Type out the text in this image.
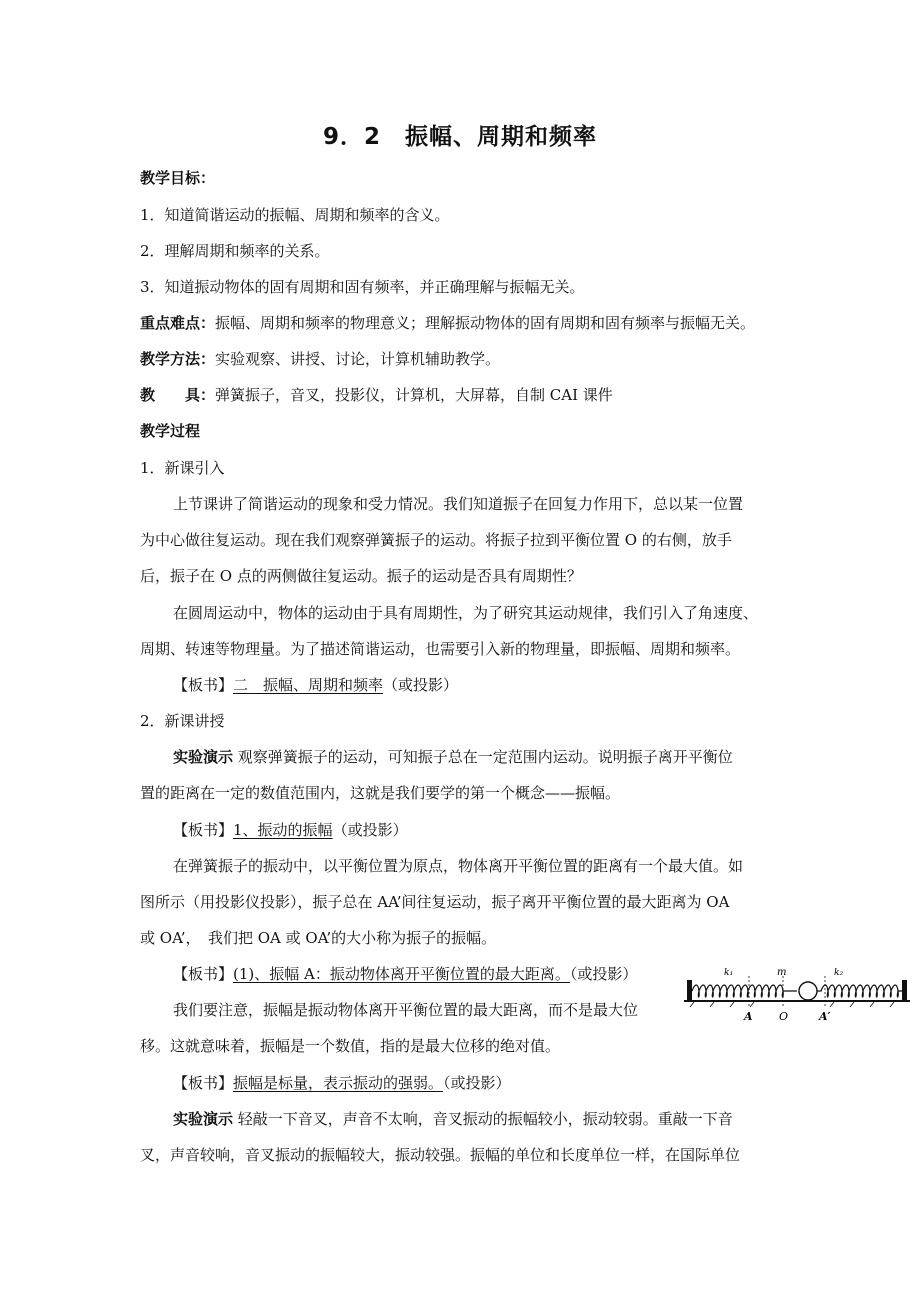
9．2　振幅、周期和频率
教学目标：
1．知道简谐运动的振幅、周期和频率的含义。
2．理解周期和频率的关系。
3．知道振动物体的固有周期和固有频率，并正确理解与振幅无关。
重点难点：振幅、周期和频率的物理意义；理解振动物体的固有周期和固有频率与振幅无关。
教学方法：实验观察、讲授、讨论，计算机辅助教学。
教　　具：弹簧振子，音叉，投影仪，计算机，大屏幕，自制 CAI 课件
教学过程
1．新课引入
上节课讲了简谐运动的现象和受力情况。我们知道振子在回复力作用下，总以某一位置
为中心做往复运动。现在我们观察弹簧振子的运动。将振子拉到平衡位置 O 的右侧，放手
后，振子在 O 点的两侧做往复运动。振子的运动是否具有周期性？
在圆周运动中，物体的运动由于具有周期性，为了研究其运动规律，我们引入了角速度、
周期、转速等物理量。为了描述简谐运动，也需要引入新的物理量，即振幅、周期和频率。
【板书】二　振幅、周期和频率（或投影）
2．新课讲授
实验演示 观察弹簧振子的运动，可知振子总在一定范围内运动。说明振子离开平衡位
置的距离在一定的数值范围内，这就是我们要学的第一个概念——振幅。
【板书】1、振动的振幅（或投影）
在弹簧振子的振动中，以平衡位置为原点，物体离开平衡位置的距离有一个最大值。如
图所示（用投影仪投影），振子总在 AA’间往复运动，振子离开平衡位置的最大距离为 OA
或 OA’，　我们把 OA 或 OA’的大小称为振子的振幅。
【板书】(1)、振幅 A：振动物体离开平衡位置的最大距离。（或投影）
我们要注意，振幅是振动物体离开平衡位置的最大距离，而不是最大位
移。这就意味着，振幅是一个数值，指的是最大位移的绝对值。
【板书】振幅是标量，表示振动的强弱。（或投影）
实验演示 轻敲一下音叉，声音不太响，音叉振动的振幅较小，振动较弱。重敲一下音
叉，声音较响，音叉振动的振幅较大，振动较强。振幅的单位和长度单位一样，在国际单位
k₁	m	k₂
A O	A′
